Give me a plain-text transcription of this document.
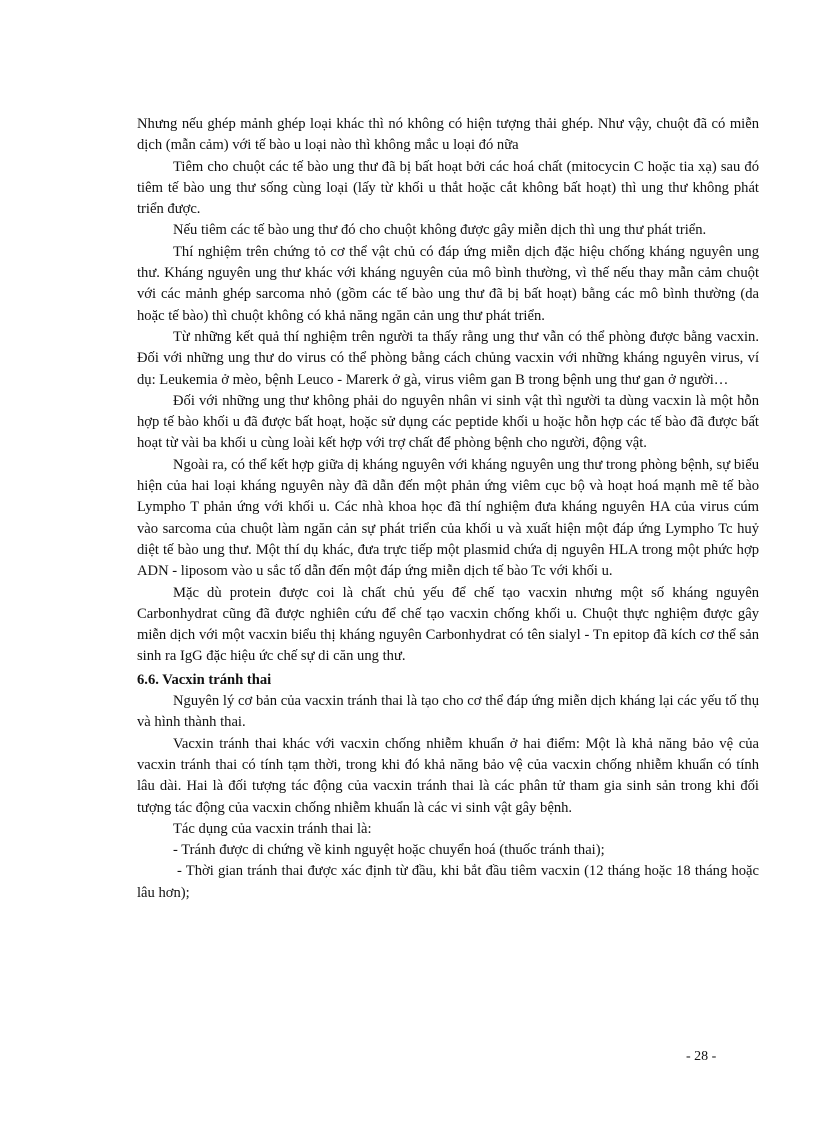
Nhưng nếu ghép mảnh ghép loại khác thì nó không có hiện tượng thải ghép. Như vậy, chuột đã có miễn dịch (mẫn cảm) với tế bào u loại nào thì không mắc u loại đó nữa

Tiêm cho chuột các tế bào ung thư đã bị bất hoạt bởi các hoá chất (mitocycin C hoặc tia xạ) sau đó tiêm tế bào ung thư sống cùng loại (lấy từ khối u thắt hoặc cắt không bất hoạt) thì ung thư không phát triển được.

Nếu tiêm các tế bào ung thư đó cho chuột không được gây miễn dịch thì ung thư phát triển.

Thí nghiệm trên chứng tỏ cơ thể vật chủ có đáp ứng miễn dịch đặc hiệu chống kháng nguyên ung thư. Kháng nguyên ung thư khác với kháng nguyên của mô bình thường, vì thế nếu thay mẫn cảm chuột với các mảnh ghép sarcoma nhỏ (gồm các tế bào ung thư đã bị bất hoạt) bằng các mô bình thường (da hoặc tế bào) thì chuột không có khả năng ngăn cản ung thư phát triển.

Từ những kết quả thí nghiệm trên người ta thấy rằng ung thư vẫn có thể phòng được bằng vacxin. Đối với những ung thư do virus có thể phòng bằng cách chủng vacxin với những kháng nguyên virus, ví dụ: Leukemia ở mèo, bệnh Leuco - Marerk ở gà, virus viêm gan B trong bệnh ung thư gan ở người…

Đối với những ung thư không phải do nguyên nhân vi sinh vật thì người ta dùng vacxin là một hỗn hợp tế bào khối u đã được bất hoạt, hoặc sử dụng các peptide khối u hoặc hỗn hợp các tế bào đã được bất hoạt từ vài ba khối u cùng loài kết hợp với trợ chất để phòng bệnh cho người, động vật.

Ngoài ra, có thể kết hợp giữa dị kháng nguyên với kháng nguyên ung thư trong phòng bệnh, sự biểu hiện của hai loại kháng nguyên này đã dẫn đến một phản ứng viêm cục bộ và hoạt hoá mạnh mẽ tế bào Lympho T phản ứng với khối u. Các nhà khoa học đã thí nghiệm đưa kháng nguyên HA của virus cúm vào sarcoma của chuột làm ngăn cản sự phát triển của khối u và xuất hiện một đáp ứng Lympho Tc huỷ diệt tế bào ung thư. Một thí dụ khác, đưa trực tiếp một plasmid chứa dị nguyên HLA trong một phức hợp ADN - liposom vào u sắc tố dẫn đến một đáp ứng miễn dịch tế bào Tc với khối u.

Mặc dù protein được coi là chất chủ yếu để chế tạo vacxin nhưng một số kháng nguyên Carbonhydrat cũng đã được nghiên cứu để chế tạo vacxin chống khối u. Chuột thực nghiệm được gây miễn dịch với một vacxin biểu thị kháng nguyên Carbonhydrat có tên sialyl - Tn epitop đã kích cơ thể sản sinh ra IgG đặc hiệu ức chế sự di căn ung thư.

6.6. Vacxin tránh thai

Nguyên lý cơ bản của vacxin tránh thai là tạo cho cơ thể đáp ứng miễn dịch kháng lại các yếu tố thụ và hình thành thai.

Vacxin tránh thai khác với vacxin chống nhiễm khuẩn ở hai điểm: Một là khả năng bảo vệ của vacxin tránh thai có tính tạm thời, trong khi đó khả năng bảo vệ của vacxin chống nhiễm khuẩn có tính lâu dài. Hai là đối tượng tác động của vacxin tránh thai là các phân tử tham gia sinh sản trong khi đối tượng tác động của vacxin chống nhiễm khuẩn là các vi sinh vật gây bệnh.

Tác dụng của vacxin tránh thai là:

- Tránh được di chứng về kinh nguyệt hoặc chuyển hoá (thuốc tránh thai);

- Thời gian tránh thai được xác định từ đầu, khi bắt đầu tiêm vacxin (12 tháng hoặc 18 tháng hoặc lâu hơn);

- 28 -
